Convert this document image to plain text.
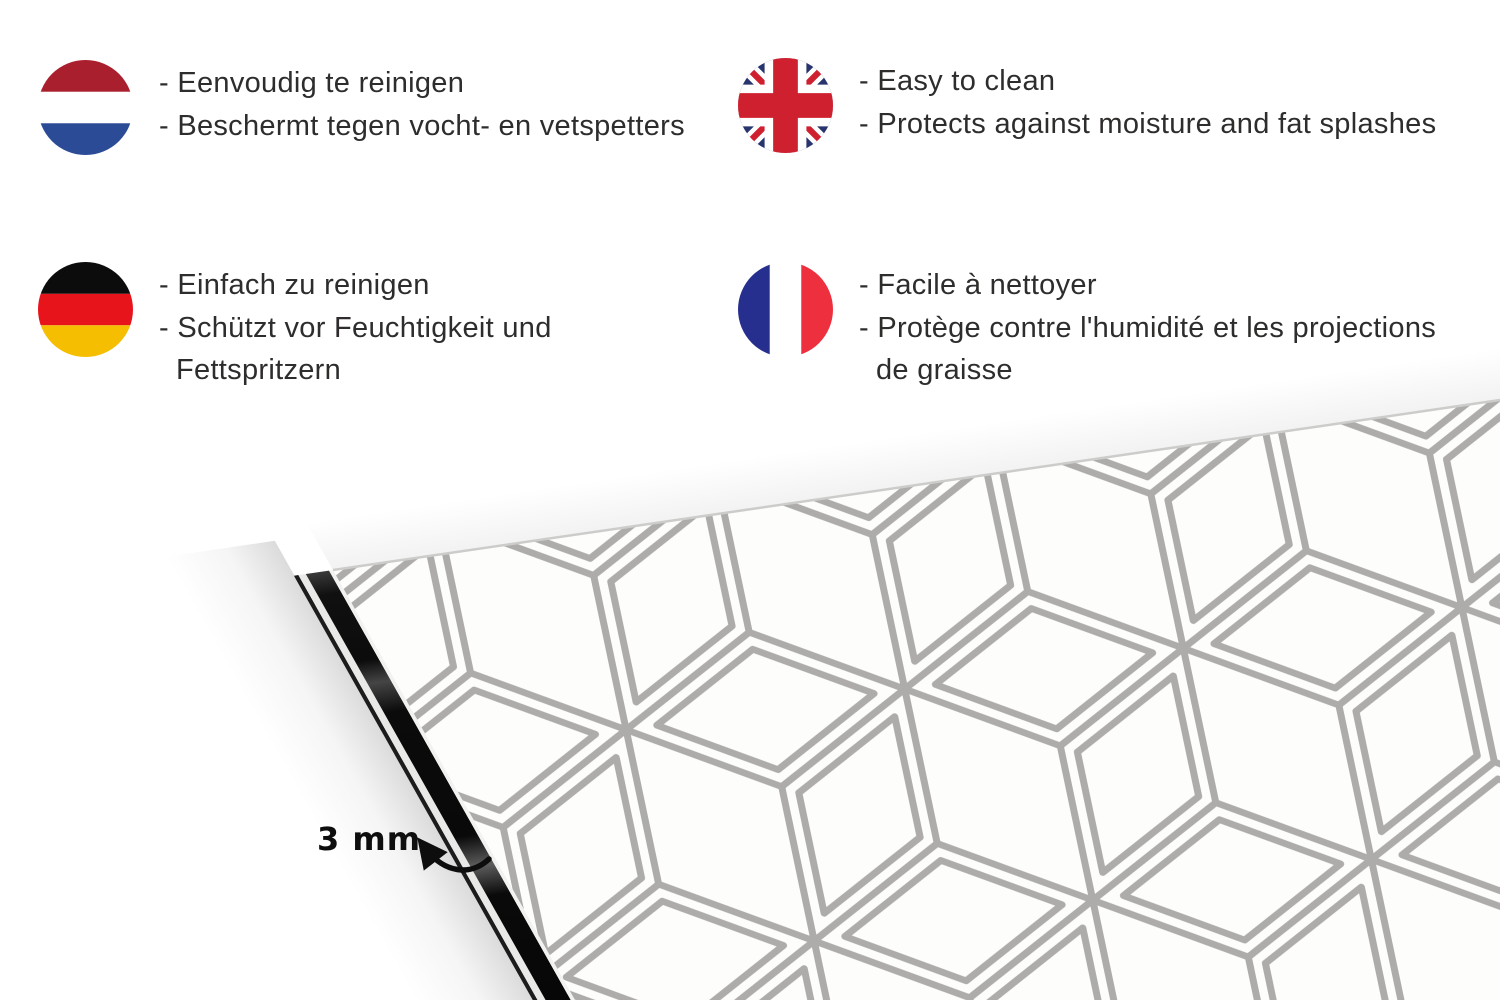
- Eenvoudig te reinigen
- Beschermt tegen vocht- en vetspetters
- Easy to clean
- Protects against moisture and fat splashes
- Einfach zu reinigen
- Schützt vor Feuchtigkeit und
Fettspritzern
- Facile à nettoyer
- Protège contre l'humidité et les projections
de graisse
3 mm
